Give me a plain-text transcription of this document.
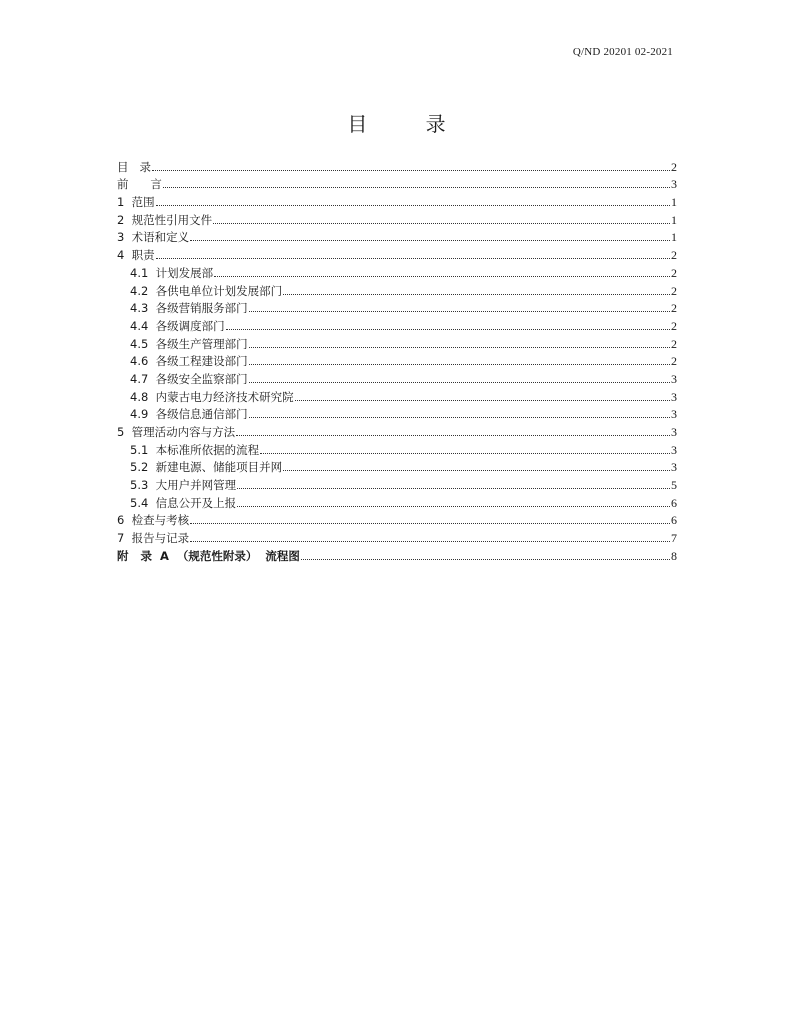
Q/ND 20201 02-2021
目 录
目   录	2
前      言	3
1  范围	1
2  规范性引用文件	1
3  术语和定义	1
4  职责	2
4.1  计划发展部	2
4.2  各供电单位计划发展部门	2
4.3  各级营销服务部门	2
4.4  各级调度部门	2
4.5  各级生产管理部门	2
4.6  各级工程建设部门	2
4.7  各级安全监察部门	3
4.8  内蒙古电力经济技术研究院	3
4.9  各级信息通信部门	3
5  管理活动内容与方法	3
5.1  本标准所依据的流程	3
5.2  新建电源、储能项目并网	3
5.3  大用户并网管理	5
5.4  信息公开及上报	6
6  检查与考核	6
7  报告与记录	7
附   录  A  （规范性附录）  流程图	8
